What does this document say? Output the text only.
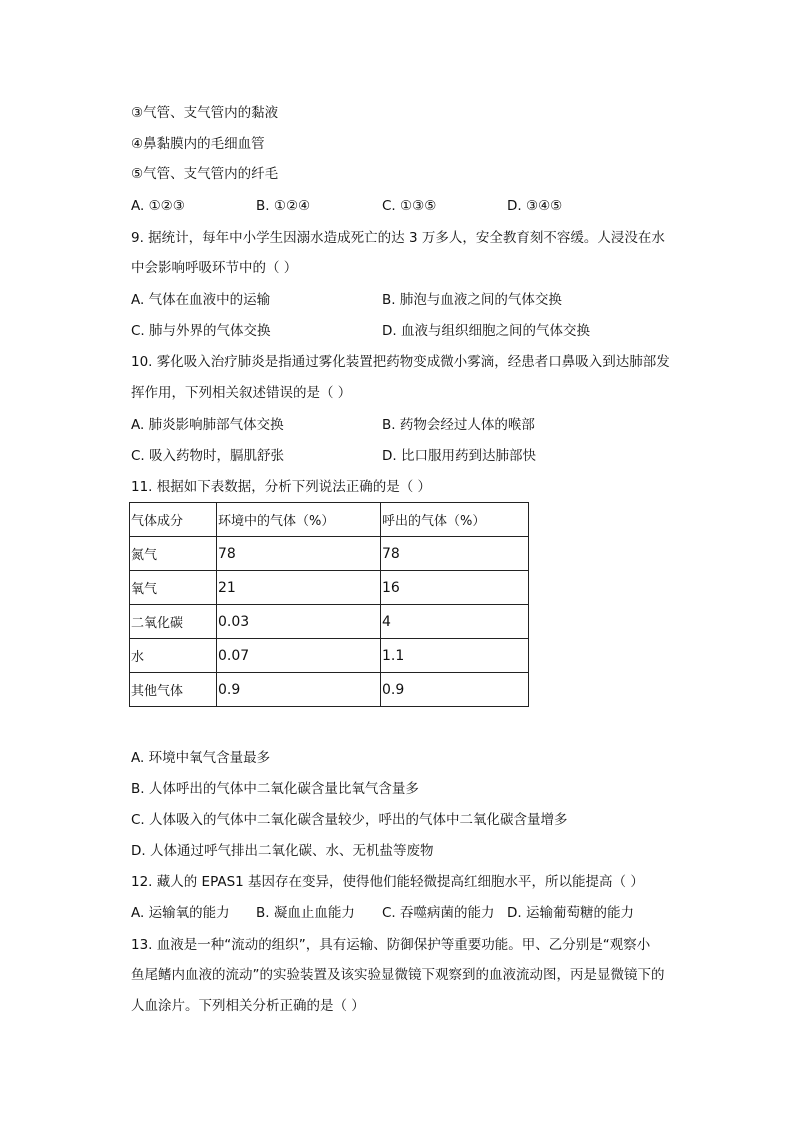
③气管、支气管内的黏液
④鼻黏膜内的毛细血管
⑤气管、支气管内的纤毛
A. ①②③	B. ①②④	C. ①③⑤	D. ③④⑤
9. 据统计，每年中小学生因溺水造成死亡的达 3 万多人，安全教育刻不容缓。人浸没在水
中会影响呼吸环节中的（ ）
A. 气体在血液中的运输	B. 肺泡与血液之间的气体交换
C. 肺与外界的气体交换	D. 血液与组织细胞之间的气体交换
10. 雾化吸入治疗肺炎是指通过雾化装置把药物变成微小雾滴，经患者口鼻吸入到达肺部发
挥作用，下列相关叙述错误的是（ ）
A. 肺炎影响肺部气体交换	B. 药物会经过人体的喉部
C. 吸入药物时，膈肌舒张	D. 比口服用药到达肺部快
11. 根据如下表数据，分析下列说法正确的是（ ）
气体成分	环境中的气体（%）	呼出的气体（%）
氮气	78	78
氧气	21	16
二氧化碳	0.03	4
水	0.07	1.1
其他气体	0.9	0.9
A. 环境中氧气含量最多
B. 人体呼出的气体中二氧化碳含量比氧气含量多
C. 人体吸入的气体中二氧化碳含量较少，呼出的气体中二氧化碳含量增多
D. 人体通过呼气排出二氧化碳、水、无机盐等废物
12. 藏人的 EPAS1 基因存在变异，使得他们能轻微提高红细胞水平，所以能提高（ ）
A. 运输氧的能力 B. 凝血止血能力 C. 吞噬病菌的能力 D. 运输葡萄糖的能力
13. 血液是一种“流动的组织”，具有运输、防御保护等重要功能。甲、乙分别是“观察小
鱼尾鳍内血液的流动”的实验装置及该实验显微镜下观察到的血液流动图，丙是显微镜下的
人血涂片。下列相关分析正确的是（ ）
